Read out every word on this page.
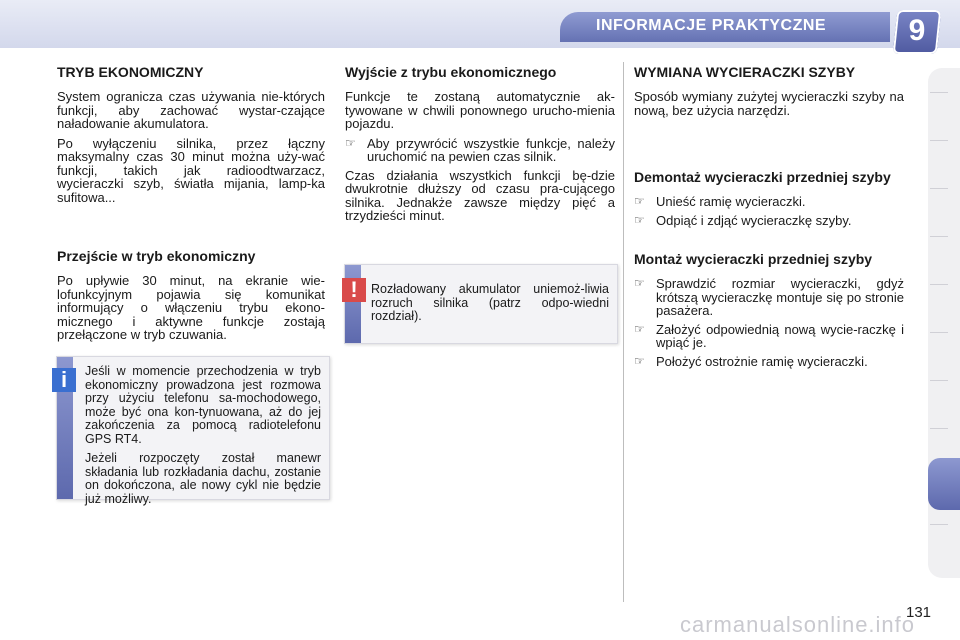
INFORMACJE PRAKTYCZNE	9
TRYB EKONOMICZNY

System ograniczа czas używania nie-których funkcji, aby zachować wystar-czające naładowanie akumulatora.

Po wyłączeniu silnika, przez łączny maksymalny czas 30 minut można uży-wać funkcji, takich jak radioodtwarzacz, wycieraczki szyb, światła mijania, lamp-ka sufitowa...

Przejście w tryb ekonomiczny

Po upływie 30 minut, na ekranie wie-lofunkcyjnym pojawia się komunikat informujący o włączeniu trybu ekono-micznego i aktywne funkcje zostają przełączone w tryb czuwania.

Jeśli w momencie przechodzenia w tryb ekonomiczny prowadzona jest rozmowa przy użyciu telefonu sa-mochodowego, może być ona kon-tynuowana, aż do jej zakończenia za pomocą radiotelefonu GPS RT4.

Jeżeli rozpoczęty został manewr składania lub rozkładania dachu, zostanie on dokończona, ale nowy cykl nie będzie już możliwy.

i
Wyjście z trybu ekonomicznego

Funkcje te zostaną automatycznie ak-tywowane w chwili ponownego urucho-mienia pojazdu.

☞ Aby przywrócić wszystkie funkcje, należy uruchomić na pewien czas silnik.

Czas działania wszystkich funkcji bę-dzie dwukrotnie dłuższy od czasu pra-cującego silnika. Jednakże zawsze między pięć a trzydzieści minut.

Rozładowany akumulator uniemoż-liwia rozruch silnika (patrz odpo-wiedni rozdział).

!
WYMIANA WYCIERACZKI SZYBY

Sposób wymiany zużytej wycieraczki szyby na nową, bez użycia narzędzi.

Demontaż wycieraczki przedniej szyby
☞ Unieść ramię wycieraczki.
☞ Odpiąć i zdjąć wycieraczkę szyby.
Montaż wycieraczki przedniej szyby
☞ Sprawdzić rozmiar wycieraczki, gdyż krótszą wycieraczkę montuje się po stronie pasażera.
☞ Założyć odpowiednią nową wycie-raczkę i wpiąć je.
☞ Położyć ostrożnie ramię wycieraczki.
carmanualsonline.info
131
